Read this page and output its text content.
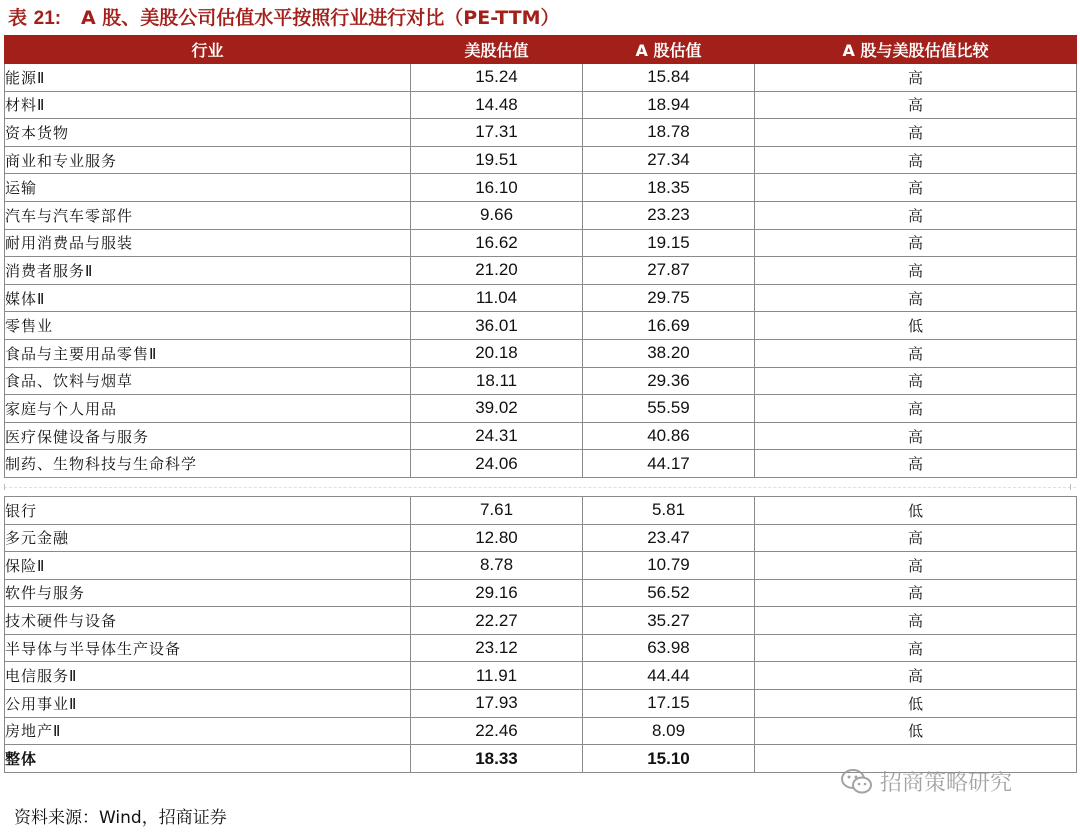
表 21: A 股、美股公司估值水平按照行业进行对比（PE-TTM）
行业	美股估值	A 股估值	A 股与美股估值比较
能源Ⅱ	15.24	15.84	高
材料Ⅱ	14.48	18.94	高
资本货物	17.31	18.78	高
商业和专业服务	19.51	27.34	高
运输	16.10	18.35	高
汽车与汽车零部件	9.66	23.23	高
耐用消费品与服装	16.62	19.15	高
消费者服务Ⅱ	21.20	27.87	高
媒体Ⅱ	11.04	29.75	高
零售业	36.01	16.69	低
食品与主要用品零售Ⅱ	20.18	38.20	高
食品、饮料与烟草	18.11	29.36	高
家庭与个人用品	39.02	55.59	高
医疗保健设备与服务	24.31	40.86	高
制药、生物科技与生命科学	24.06	44.17	高
银行	7.61	5.81	低
多元金融	12.80	23.47	高
保险Ⅱ	8.78	10.79	高
软件与服务	29.16	56.52	高
技术硬件与设备	22.27	35.27	高
半导体与半导体生产设备	23.12	63.98	高
电信服务Ⅱ	11.91	44.44	高
公用事业Ⅱ	17.93	17.15	低
房地产Ⅱ	22.46	8.09	低
整体	18.33	15.10	
资料来源：Wind，招商证券
招商策略研究
